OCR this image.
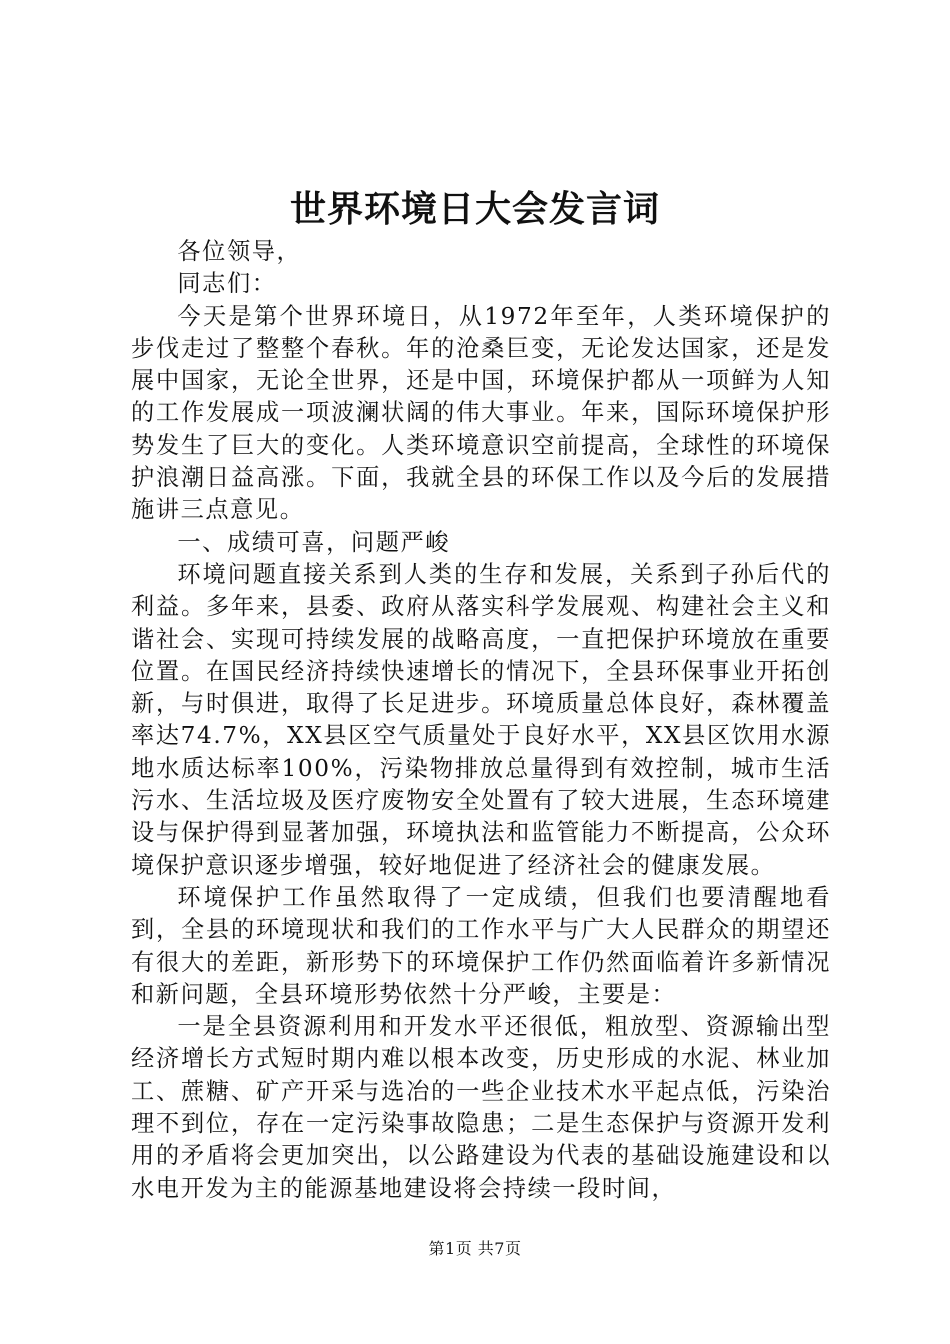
世界环境日大会发言词

各位领导，

同志们：

今天是第个世界环境日，从1972年至年，人类环境保护的步伐走过了整整个春秋。年的沧桑巨变，无论发达国家，还是发展中国家，无论全世界，还是中国，环境保护都从一项鲜为人知的工作发展成一项波澜状阔的伟大事业。年来，国际环境保护形势发生了巨大的变化。人类环境意识空前提高，全球性的环境保护浪潮日益高涨。下面，我就全县的环保工作以及今后的发展措施讲三点意见。

一、成绩可喜，问题严峻

环境问题直接关系到人类的生存和发展，关系到子孙后代的利益。多年来，县委、政府从落实科学发展观、构建社会主义和谐社会、实现可持续发展的战略高度，一直把保护环境放在重要位置。在国民经济持续快速增长的情况下，全县环保事业开拓创新，与时俱进，取得了长足进步。环境质量总体良好，森林覆盖率达74.7%，XX县区空气质量处于良好水平，XX县区饮用水源地水质达标率100%，污染物排放总量得到有效控制，城市生活污水、生活垃圾及医疗废物安全处置有了较大进展，生态环境建设与保护得到显著加强，环境执法和监管能力不断提高，公众环境保护意识逐步增强，较好地促进了经济社会的健康发展。

环境保护工作虽然取得了一定成绩，但我们也要清醒地看到，全县的环境现状和我们的工作水平与广大人民群众的期望还有很大的差距，新形势下的环境保护工作仍然面临着许多新情况和新问题，全县环境形势依然十分严峻，主要是：

一是全县资源利用和开发水平还很低，粗放型、资源输出型经济增长方式短时期内难以根本改变，历史形成的水泥、林业加工、蔗糖、矿产开采与选冶的一些企业技术水平起点低，污染治理不到位，存在一定污染事故隐患；二是生态保护与资源开发利用的矛盾将会更加突出，以公路建设为代表的基础设施建设和以水电开发为主的能源基地建设将会持续一段时间，

第1页 共7页
